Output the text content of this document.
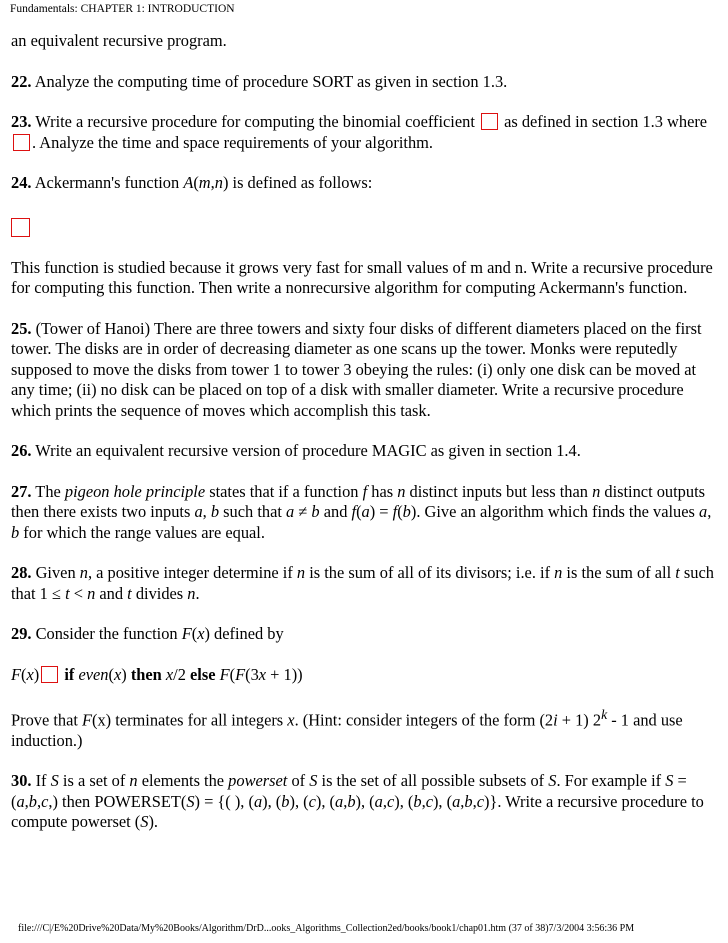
Fundamentals: CHAPTER 1: INTRODUCTION

an equivalent recursive program.

22. Analyze the computing time of procedure SORT as given in section 1.3.

23. Write a recursive procedure for computing the binomial coefficient  as defined in section 1.3 where . Analyze the time and space requirements of your algorithm.

24. Ackermann's function A(m,n) is defined as follows:

This function is studied because it grows very fast for small values of m and n. Write a recursive procedure for computing this function. Then write a nonrecursive algorithm for computing Ackermann's function.

25. (Tower of Hanoi) There are three towers and sixty four disks of different diameters placed on the first tower. The disks are in order of decreasing diameter as one scans up the tower. Monks were reputedly supposed to move the disks from tower 1 to tower 3 obeying the rules: (i) only one disk can be moved at any time; (ii) no disk can be placed on top of a disk with smaller diameter. Write a recursive procedure which prints the sequence of moves which accomplish this task.

26. Write an equivalent recursive version of procedure MAGIC as given in section 1.4.

27. The pigeon hole principle states that if a function f has n distinct inputs but less than n distinct outputs then there exists two inputs a, b such that a ≠ b and f(a) = f(b). Give an algorithm which finds the values a, b for which the range values are equal.

28. Given n, a positive integer determine if n is the sum of all of its divisors; i.e. if n is the sum of all t such that 1 ≤ t < n and t divides n.

29. Consider the function F(x) defined by

F(x) if even(x) then x/2 else F(F(3x + 1))

Prove that F(x) terminates for all integers x. (Hint: consider integers of the form (2i + 1) 2$^k$ - 1 and use induction.)

30. If S is a set of n elements the powerset of S is the set of all possible subsets of S. For example if S = (a,b,c,) then POWERSET(S) = {( ), (a), (b), (c), (a,b), (a,c), (b,c), (a,b,c)}. Write a recursive procedure to compute powerset (S).

file:///C|/E%20Drive%20Data/My%20Books/Algorithm/DrD...ooks_Algorithms_Collection2ed/books/book1/chap01.htm (37 of 38)7/3/2004 3:56:36 PM
